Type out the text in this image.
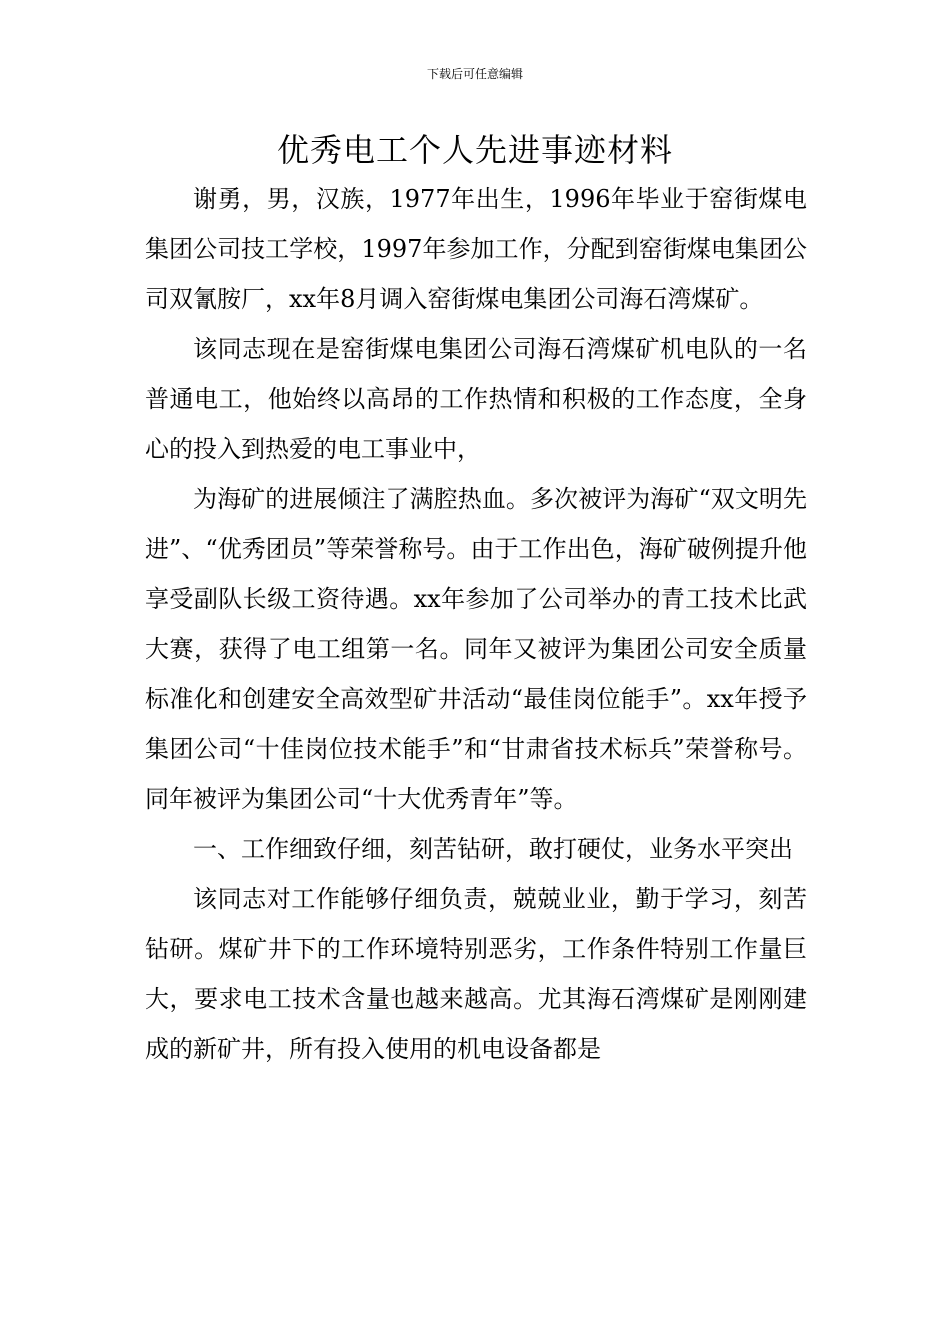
下载后可任意编辑
优秀电工个人先进事迹材料

谢勇，男，汉族，1977年出生，1996年毕业于窑街煤电集团公司技工学校，1997年参加工作，分配到窑街煤电集团公司双氰胺厂，xx年8月调入窑街煤电集团公司海石湾煤矿。

该同志现在是窑街煤电集团公司海石湾煤矿机电队的一名普通电工，他始终以高昂的工作热情和积极的工作态度，全身心的投入到热爱的电工事业中，

为海矿的进展倾注了满腔热血。多次被评为海矿“双文明先进”、“优秀团员”等荣誉称号。由于工作出色，海矿破例提升他享受副队长级工资待遇。xx年参加了公司举办的青工技术比武大赛，获得了电工组第一名。同年又被评为集团公司安全质量标准化和创建安全高效型矿井活动“最佳岗位能手”。xx年授予集团公司“十佳岗位技术能手”和“甘肃省技术标兵”荣誉称号。同年被评为集团公司“十大优秀青年”等。

一、工作细致仔细，刻苦钻研，敢打硬仗，业务水平突出

该同志对工作能够仔细负责，兢兢业业，勤于学习，刻苦钻研。煤矿井下的工作环境特别恶劣，工作条件特别工作量巨大，要求电工技术含量也越来越高。尤其海石湾煤矿是刚刚建成的新矿井，所有投入使用的机电设备都是
